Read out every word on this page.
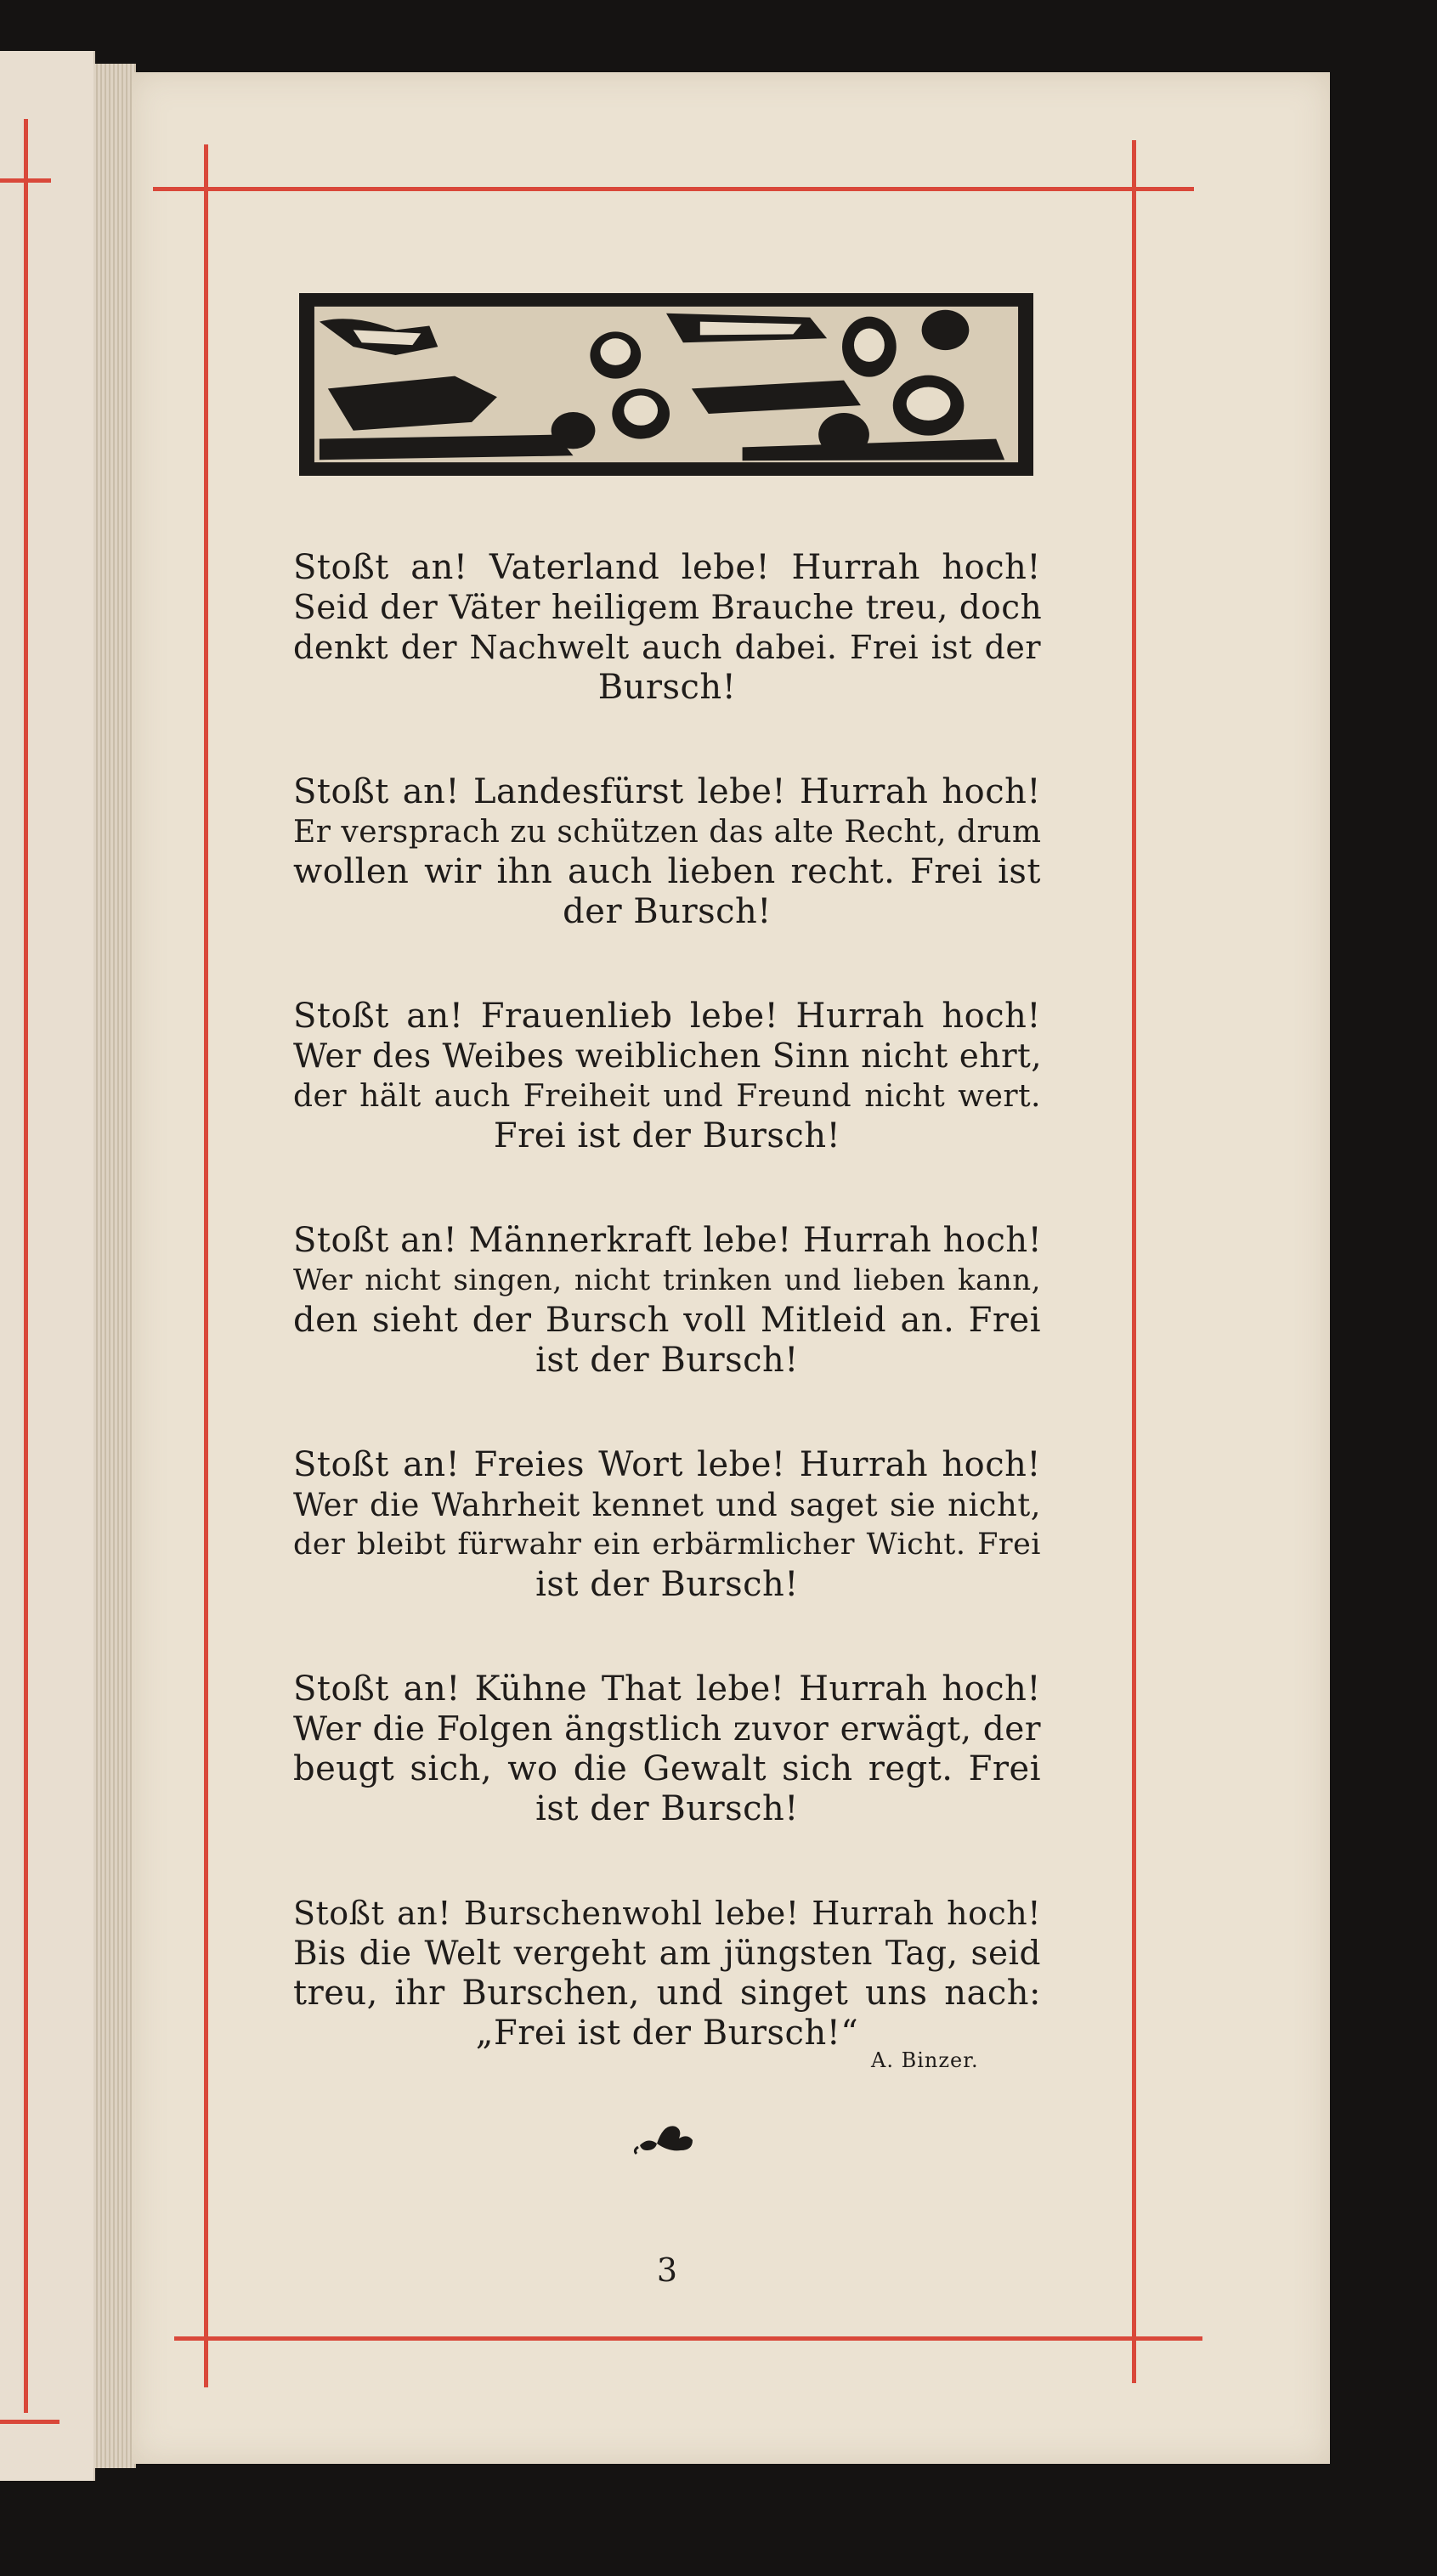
Stoßt an! Vaterland lebe! Hurrah hoch!
Seid der Väter heiligem Brauche treu, doch
denkt der Nachwelt auch dabei. Frei ist der
Bursch!
Stoßt an! Landesfürst lebe! Hurrah hoch!
Er versprach zu schützen das alte Recht, drum
wollen wir ihn auch lieben recht. Frei ist
der Bursch!
Stoßt an! Frauenlieb lebe! Hurrah hoch!
Wer des Weibes weiblichen Sinn nicht ehrt,
der hält auch Freiheit und Freund nicht wert.
Frei ist der Bursch!
Stoßt an! Männerkraft lebe! Hurrah hoch!
Wer nicht singen, nicht trinken und lieben kann,
den sieht der Bursch voll Mitleid an. Frei
ist der Bursch!
Stoßt an! Freies Wort lebe! Hurrah hoch!
Wer die Wahrheit kennet und saget sie nicht,
der bleibt fürwahr ein erbärmlicher Wicht. Frei
ist der Bursch!
Stoßt an! Kühne That lebe! Hurrah hoch!
Wer die Folgen ängstlich zuvor erwägt, der
beugt sich, wo die Gewalt sich regt. Frei
ist der Bursch!
Stoßt an! Burschenwohl lebe! Hurrah hoch!
Bis die Welt vergeht am jüngsten Tag, seid
treu, ihr Burschen, und singet uns nach:
„Frei ist der Bursch!“
A. Binzer.
3
